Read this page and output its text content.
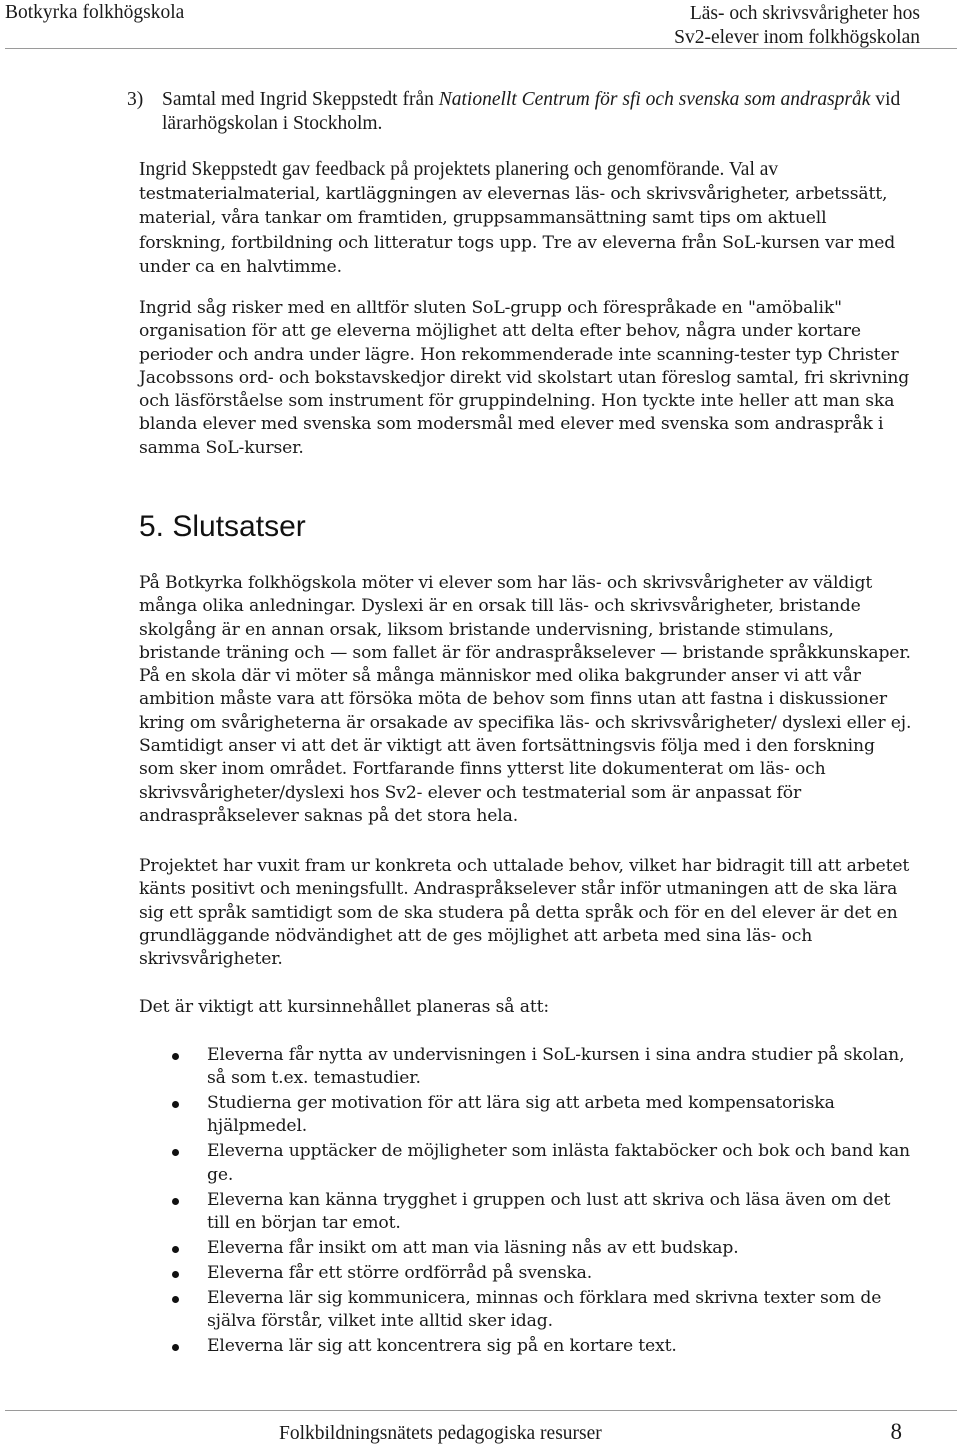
Botkyrka folkhögskola	Läs- och skrivsvårigheter hos
Sv2-elever inom folkhögskolan
3) Samtal med Ingrid Skeppstedt från Nationellt Centrum för sfi och svenska som andraspråk vid lärarhögskolan i Stockholm.
Ingrid Skeppstedt gav feedback på projektets planering och genomförande. Val av testmaterialmaterial, kartläggningen av elevernas läs- och skrivsvårigheter, arbetssätt, material, våra tankar om framtiden, gruppsammansättning samt tips om aktuell forskning, fortbildning och litteratur togs upp. Tre av eleverna från SoL-kursen var med under ca en halvtimme.
Ingrid såg risker med en alltför sluten SoL-grupp och förespråkade en "amöbalik" organisation för att ge eleverna möjlighet att delta efter behov, några under kortare perioder och andra under lägre. Hon rekommenderade inte scanning-tester typ Christer Jacobssons ord- och bokstavskedjor direkt vid skolstart utan föreslog samtal, fri skrivning och läsförståelse som instrument för gruppindelning. Hon tyckte inte heller att man ska blanda elever med svenska som modersmål med elever med svenska som andraspråk i samma SoL-kurser.
5. Slutsatser
På Botkyrka folkhögskola möter vi elever som har läs- och skrivsvårigheter av väldigt många olika anledningar. Dyslexi är en orsak till läs- och skrivsvårigheter, bristande skolgång är en annan orsak, liksom bristande undervisning, bristande stimulans, bristande träning och — som fallet är för andraspråkselever — bristande språkkunskaper. På en skola där vi möter så många människor med olika bakgrunder anser vi att vår ambition måste vara att försöka möta de behov som finns utan att fastna i diskussioner kring om svårigheterna är orsakade av specifika läs- och skrivsvårigheter/ dyslexi eller ej. Samtidigt anser vi att det är viktigt att även fortsättningsvis följa med i den forskning som sker inom området. Fortfarande finns ytterst lite dokumenterat om läs- och skrivsvårigheter/dyslexi hos Sv2- elever och testmaterial som är anpassat för andraspråkselever saknas på det stora hela.
Projektet har vuxit fram ur konkreta och uttalade behov, vilket har bidragit till att arbetet känts positivt och meningsfullt. Andraspråkselever står inför utmaningen att de ska lära sig ett språk samtidigt som de ska studera på detta språk och för en del elever är det en grundläggande nödvändighet att de ges möjlighet att arbeta med sina läs- och skrivsvårigheter.
Det är viktigt att kursinnehållet planeras så att:
Eleverna får nytta av undervisningen i SoL-kursen i sina andra studier på skolan, så som t.ex. temastudier.
Studierna ger motivation för att lära sig att arbeta med kompensatoriska hjälpmedel.
Eleverna upptäcker de möjligheter som inlästa faktaböcker och bok och band kan ge.
Eleverna kan känna trygghet i gruppen och lust att skriva och läsa även om det till en början tar emot.
Eleverna får insikt om att man via läsning nås av ett budskap.
Eleverna får ett större ordförråd på svenska.
Eleverna lär sig kommunicera, minnas och förklara med skrivna texter som de själva förstår, vilket inte alltid sker idag.
Eleverna lär sig att koncentrera sig på en kortare text.
Folkbildningsnätets pedagogiska resurser	8
